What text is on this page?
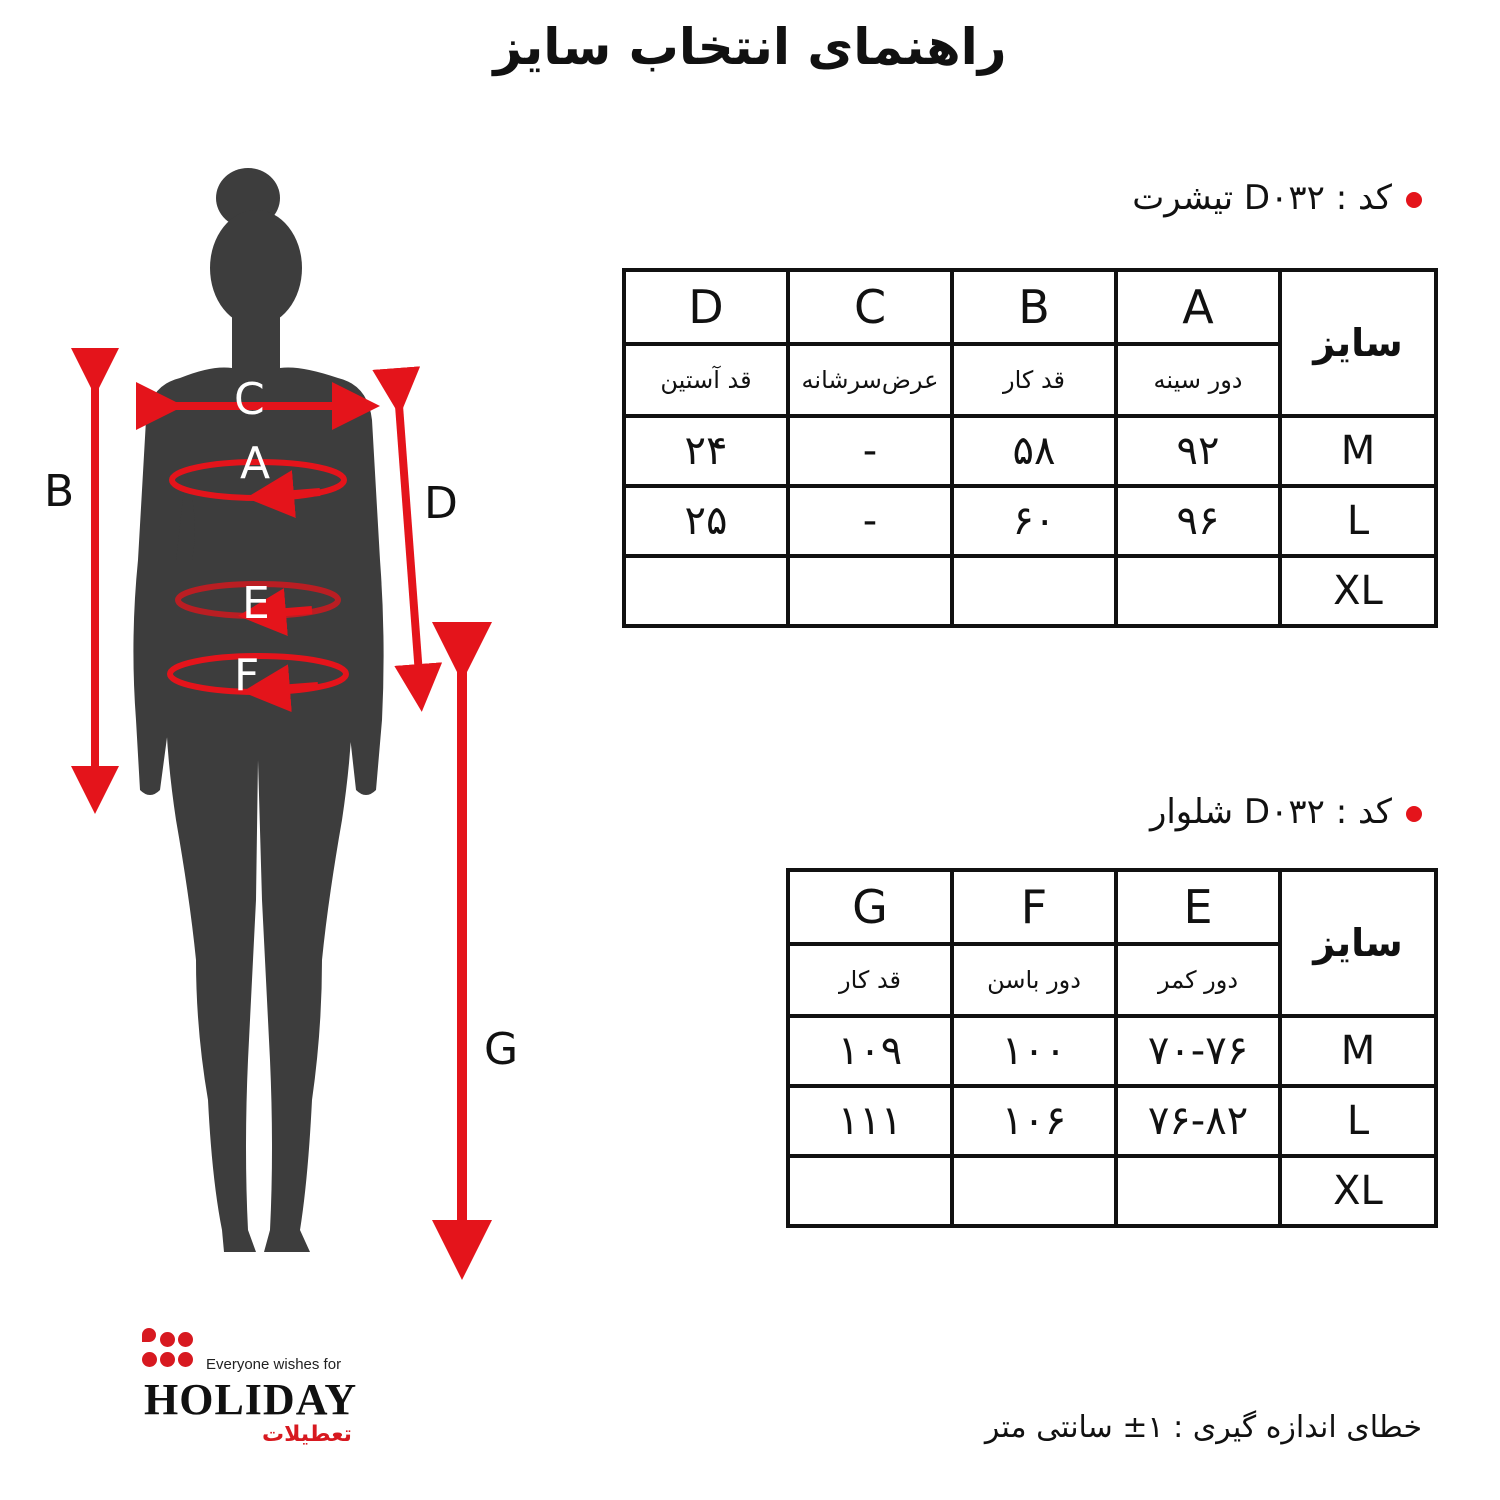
راهنمای انتخاب سایز
B	D
G
C
A
E
F
کد : D۰۳۲ تیشرت
D	C	B	A	سایز
قد آستین	عرض‌سرشانه	قد کار	دور سینه	
۲۴	-	۵۸	۹۲	M
۲۵	-	۶۰	۹۶	L
				XL
کد : D۰۳۲ شلوار
G	F	E	سایز
قد کار	دور باسن	دور کمر	
۱۰۹	۱۰۰	۷۰-۷۶	M
۱۱۱	۱۰۶	۷۶-۸۲	L
			XL
Everyone wishes for
HOLIDAY
تعطیلات	خطای اندازه گیری : ۱± سانتی متر
